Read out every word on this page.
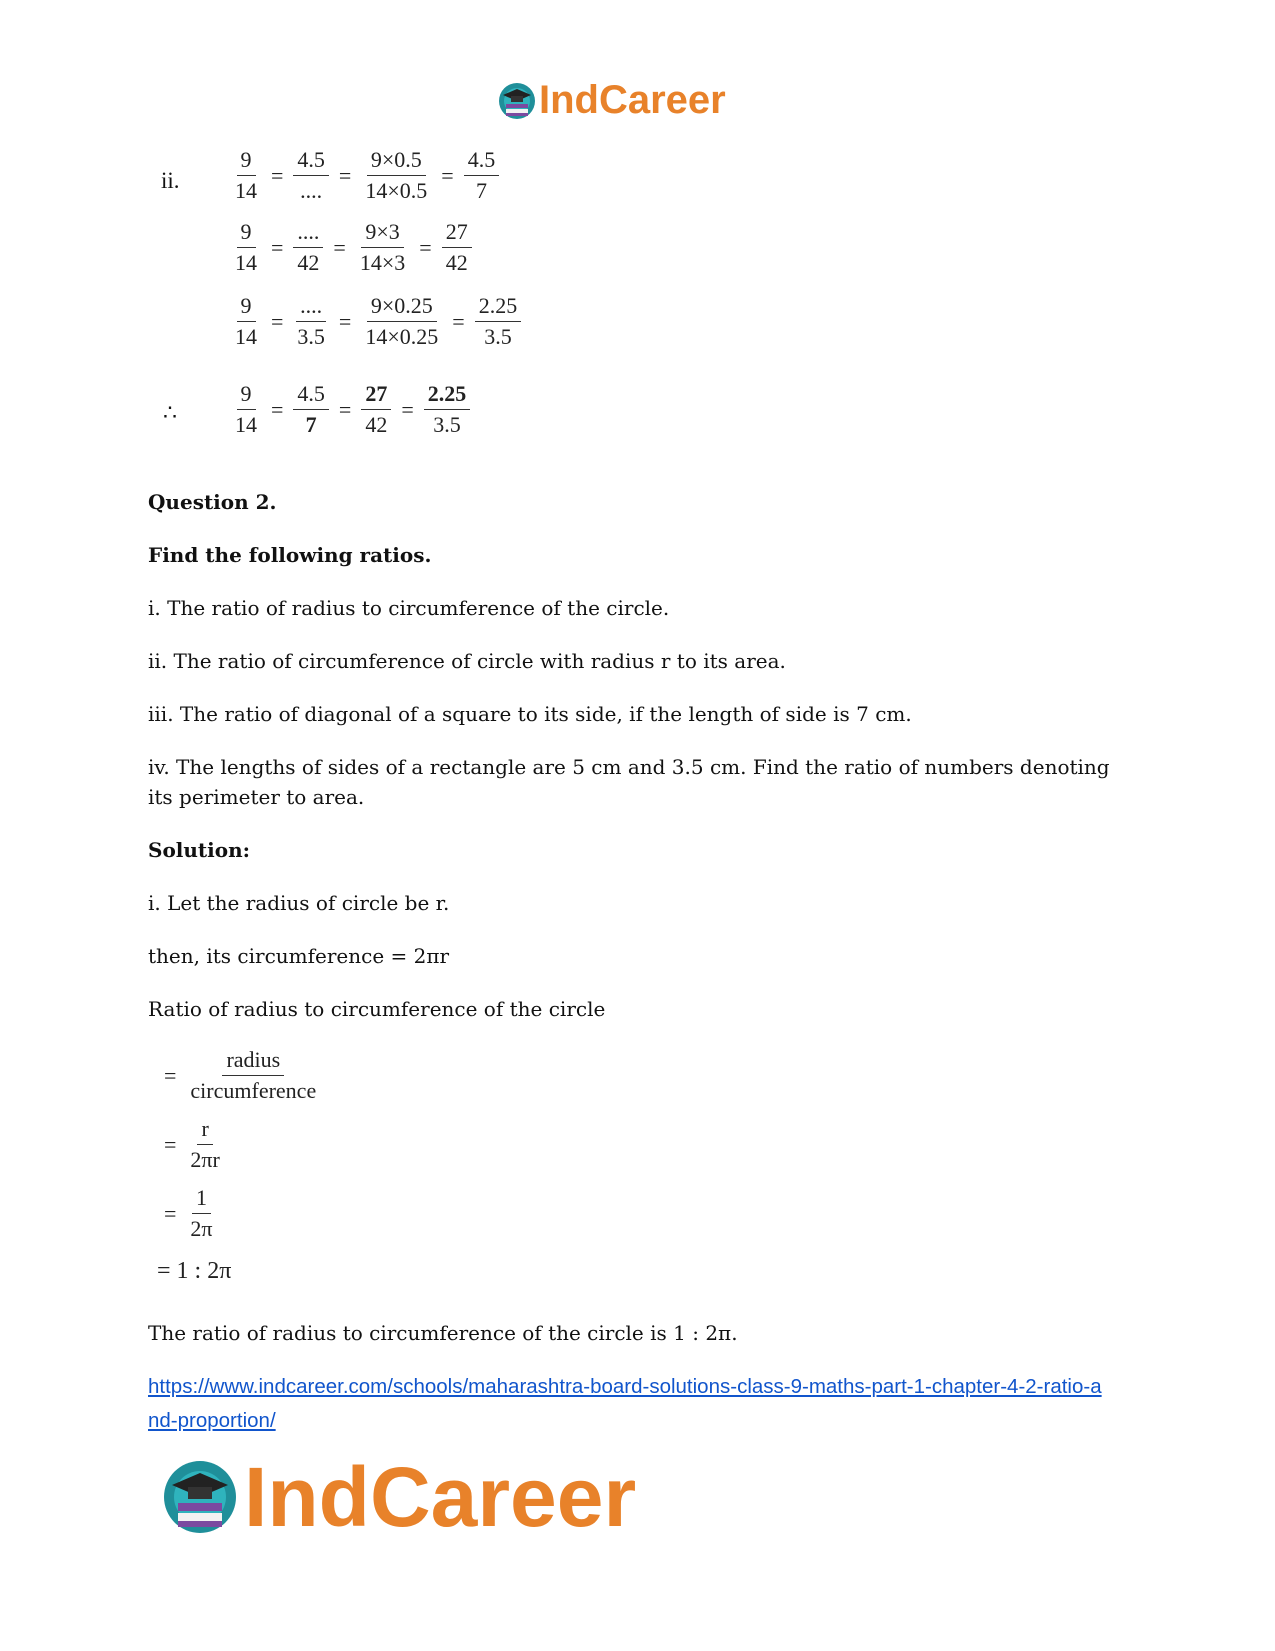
IndCareer
ii. $\frac{9}{14} = \frac{4.5}{....} = \frac{9\times 0.5}{14\times 0.5} = \frac{4.5}{7}$
$\frac{9}{14} = \frac{....}{42} = \frac{9\times 3}{14\times 3} = \frac{27}{42}$
$\frac{9}{14} = \frac{....}{3.5} = \frac{9\times 0.25}{14\times 0.25} = \frac{2.25}{3.5}$
∴ $\frac{9}{14} = \frac{4.5}{7} = \frac{27}{42} = \frac{2.25}{3.5}$
Question 2.
Find the following ratios.
i. The ratio of radius to circumference of the circle.
ii. The ratio of circumference of circle with radius r to its area.
iii. The ratio of diagonal of a square to its side, if the length of side is 7 cm.
iv. The lengths of sides of a rectangle are 5 cm and 3.5 cm. Find the ratio of numbers denoting its perimeter to area.
Solution:
i. Let the radius of circle be r.
then, its circumference = 2πr
Ratio of radius to circumference of the circle
= $\frac{\text{radius}}{\text{circumference}}$
= $\frac{r}{2\pi r}$
= $\frac{1}{2\pi}$
= 1 : 2π
The ratio of radius to circumference of the circle is 1 : 2π.
https://www.indcareer.com/schools/maharashtra-board-solutions-class-9-maths-part-1-chapter-4-2-ratio-and-proportion/
IndCareer
